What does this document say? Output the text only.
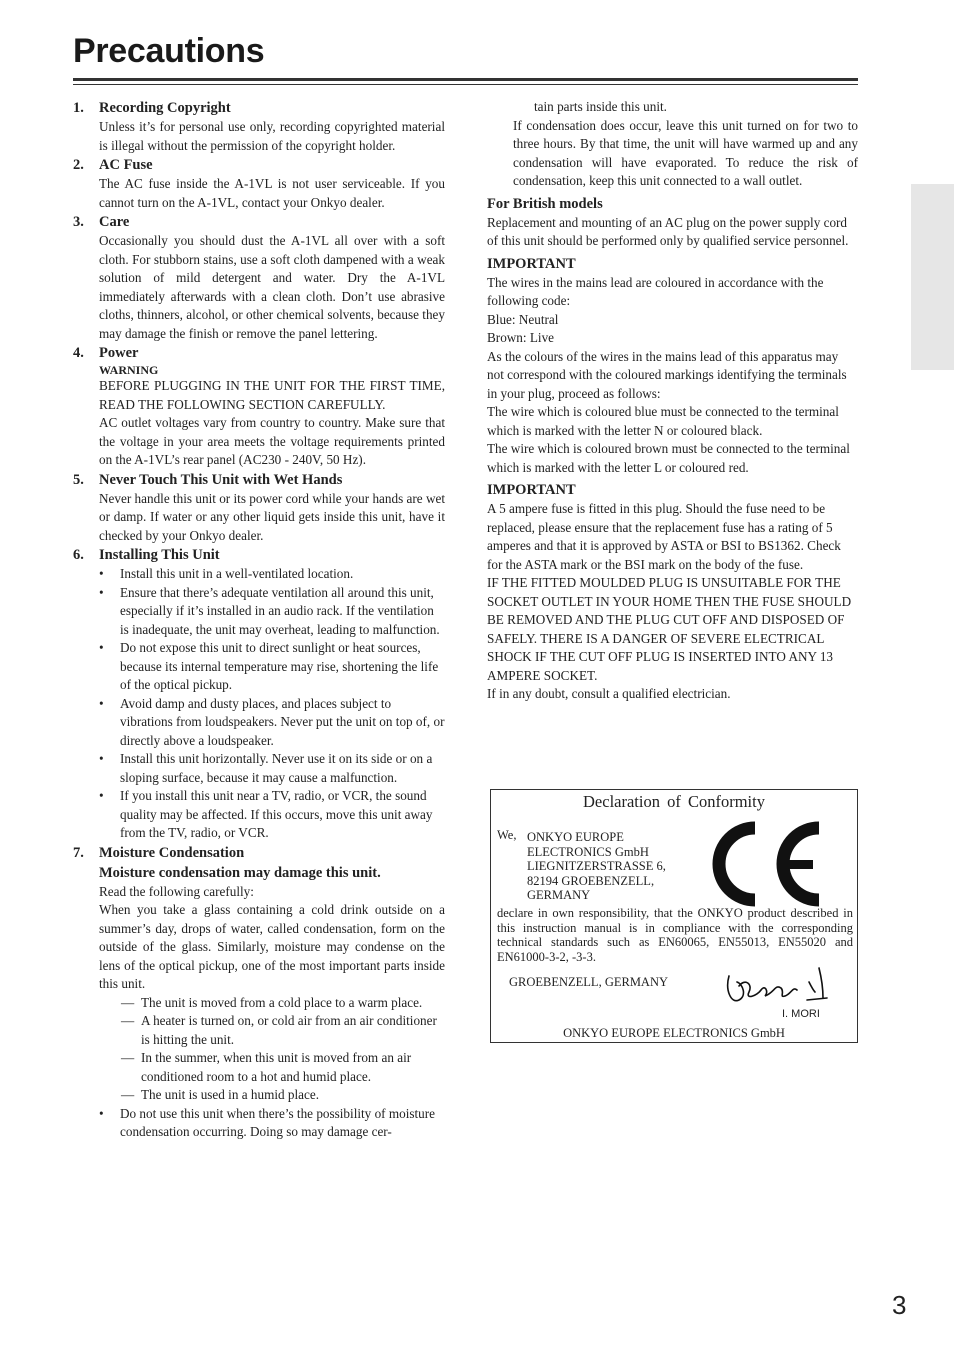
Precautions
1. Recording Copyright
Unless it’s for personal use only, recording copyrighted material is illegal without the permission of the copyright holder.
2. AC Fuse
The AC fuse inside the A-1VL is not user serviceable. If you cannot turn on the A-1VL, contact your Onkyo dealer.
3. Care
Occasionally you should dust the A-1VL all over with a soft cloth. For stubborn stains, use a soft cloth dampened with a weak solution of mild detergent and water. Dry the A-1VL immediately afterwards with a clean cloth. Don’t use abrasive cloths, thinners, alcohol, or other chemical solvents, because they may damage the finish or remove the panel lettering.
4. Power
WARNING
BEFORE PLUGGING IN THE UNIT FOR THE FIRST TIME, READ THE FOLLOWING SECTION CAREFULLY.
AC outlet voltages vary from country to country. Make sure that the voltage in your area meets the voltage requirements printed on the A-1VL’s rear panel (AC230 - 240V, 50 Hz).
5. Never Touch This Unit with Wet Hands
Never handle this unit or its power cord while your hands are wet or damp. If water or any other liquid gets inside this unit, have it checked by your Onkyo dealer.
6. Installing This Unit
• Install this unit in a well-ventilated location.
• Ensure that there’s adequate ventilation all around this unit, especially if it’s installed in an audio rack. If the ventilation is inadequate, the unit may overheat, leading to malfunction.
• Do not expose this unit to direct sunlight or heat sources, because its internal temperature may rise, shortening the life of the optical pickup.
• Avoid damp and dusty places, and places subject to vibrations from loudspeakers. Never put the unit on top of, or directly above a loudspeaker.
• Install this unit horizontally. Never use it on its side or on a sloping surface, because it may cause a malfunction.
• If you install this unit near a TV, radio, or VCR, the sound quality may be affected. If this occurs, move this unit away from the TV, radio, or VCR.
7. Moisture Condensation
Moisture condensation may damage this unit.
Read the following carefully:
When you take a glass containing a cold drink outside on a summer’s day, drops of water, called condensation, form on the outside of the glass. Similarly, moisture may condense on the lens of the optical pickup, one of the most important parts inside this unit.
— The unit is moved from a cold place to a warm place.
— A heater is turned on, or cold air from an air conditioner is hitting the unit.
— In the summer, when this unit is moved from an air conditioned room to a hot and humid place.
— The unit is used in a humid place.
• Do not use this unit when there’s the possibility of moisture condensation occurring. Doing so may damage cer-

tain parts inside this unit.

If condensation does occur, leave this unit turned on for two to three hours. By that time, the unit will have warmed up and any condensation will have evaporated. To reduce the risk of condensation, keep this unit connected to a wall outlet.

For British models

Replacement and mounting of an AC plug on the power supply cord of this unit should be performed only by qualified service personnel.

IMPORTANT

The wires in the mains lead are coloured in accordance with the following code:

Blue: Neutral

Brown: Live

As the colours of the wires in the mains lead of this apparatus may not correspond with the coloured markings identifying the terminals in your plug, proceed as follows:

The wire which is coloured blue must be connected to the terminal which is marked with the letter N or coloured black.

The wire which is coloured brown must be connected to the terminal which is marked with the letter L or coloured red.

IMPORTANT

A 5 ampere fuse is fitted in this plug. Should the fuse need to be replaced, please ensure that the replacement fuse has a rating of 5 amperes and that it is approved by ASTA or BSI to BS1362. Check for the ASTA mark or the BSI mark on the body of the fuse.

IF THE FITTED MOULDED PLUG IS UNSUITABLE FOR THE SOCKET OUTLET IN YOUR HOME THEN THE FUSE SHOULD BE REMOVED AND THE PLUG CUT OFF AND DISPOSED OF SAFELY. THERE IS A DANGER OF SEVERE ELECTRICAL SHOCK IF THE CUT OFF PLUG IS INSERTED INTO ANY 13 AMPERE SOCKET.

If in any doubt, consult a qualified electrician.

Declaration of Conformity
We, ONKYO EUROPE
ELECTRONICS GmbH
LIEGNITZERSTRASSE 6,
82194 GROEBENZELL,
GERMANY
declare in own responsibility, that the ONKYO product described in this instruction manual is in compliance with the corresponding technical standards such as EN60065, EN55013, EN55020 and EN61000-3-2, -3-3.
GROEBENZELL, GERMANY
I. MORI
ONKYO EUROPE ELECTRONICS GmbH
3
